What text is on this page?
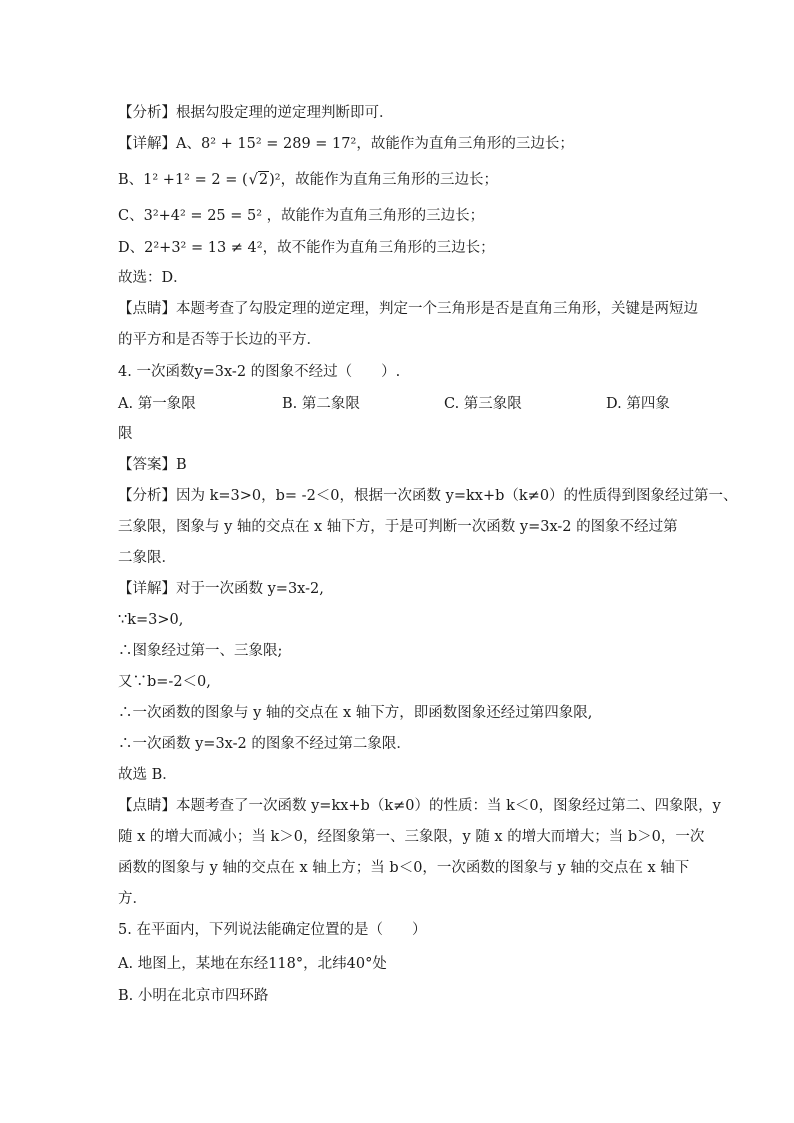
【分析】根据勾股定理的逆定理判断即可．
【详解】A、8² + 15² = 289 = 17²，故能作为直角三角形的三边长；
B、1² +1² = 2 = (√2)²，故能作为直角三角形的三边长；
C、3²+4² = 25 = 5² ，故能作为直角三角形的三边长；
D、2²+3² = 13 ≠ 4²，故不能作为直角三角形的三边长；
故选：D．
【点睛】本题考查了勾股定理的逆定理，判定一个三角形是否是直角三角形，关键是两短边
的平方和是否等于长边的平方．
4. 一次函数y=3x-2 的图象不经过（　　）.
A. 第一象限	B. 第二象限	C. 第三象限	D. 第四象
限
【答案】B
【分析】因为 k=3>0，b= -2＜0，根据一次函数 y=kx+b（k≠0）的性质得到图象经过第一、
三象限，图象与 y 轴的交点在 x 轴下方，于是可判断一次函数 y=3x-2 的图象不经过第
二象限．
【详解】对于一次函数 y=3x-2,
∵k=3>0,
∴图象经过第一、三象限;
又∵b=-2＜0,
∴一次函数的图象与 y 轴的交点在 x 轴下方，即函数图象还经过第四象限,
∴一次函数 y=3x-2 的图象不经过第二象限．
故选 B．
【点睛】本题考查了一次函数 y=kx+b（k≠0）的性质：当 k＜0，图象经过第二、四象限，y
随 x 的增大而减小；当 k＞0，经图象第一、三象限，y 随 x 的增大而增大；当 b＞0，一次
函数的图象与 y 轴的交点在 x 轴上方；当 b＜0，一次函数的图象与 y 轴的交点在 x 轴下
方．
5. 在平面内，下列说法能确定位置的是（　　）
A. 地图上，某地在东经118°，北纬40°处
B. 小明在北京市四环路
